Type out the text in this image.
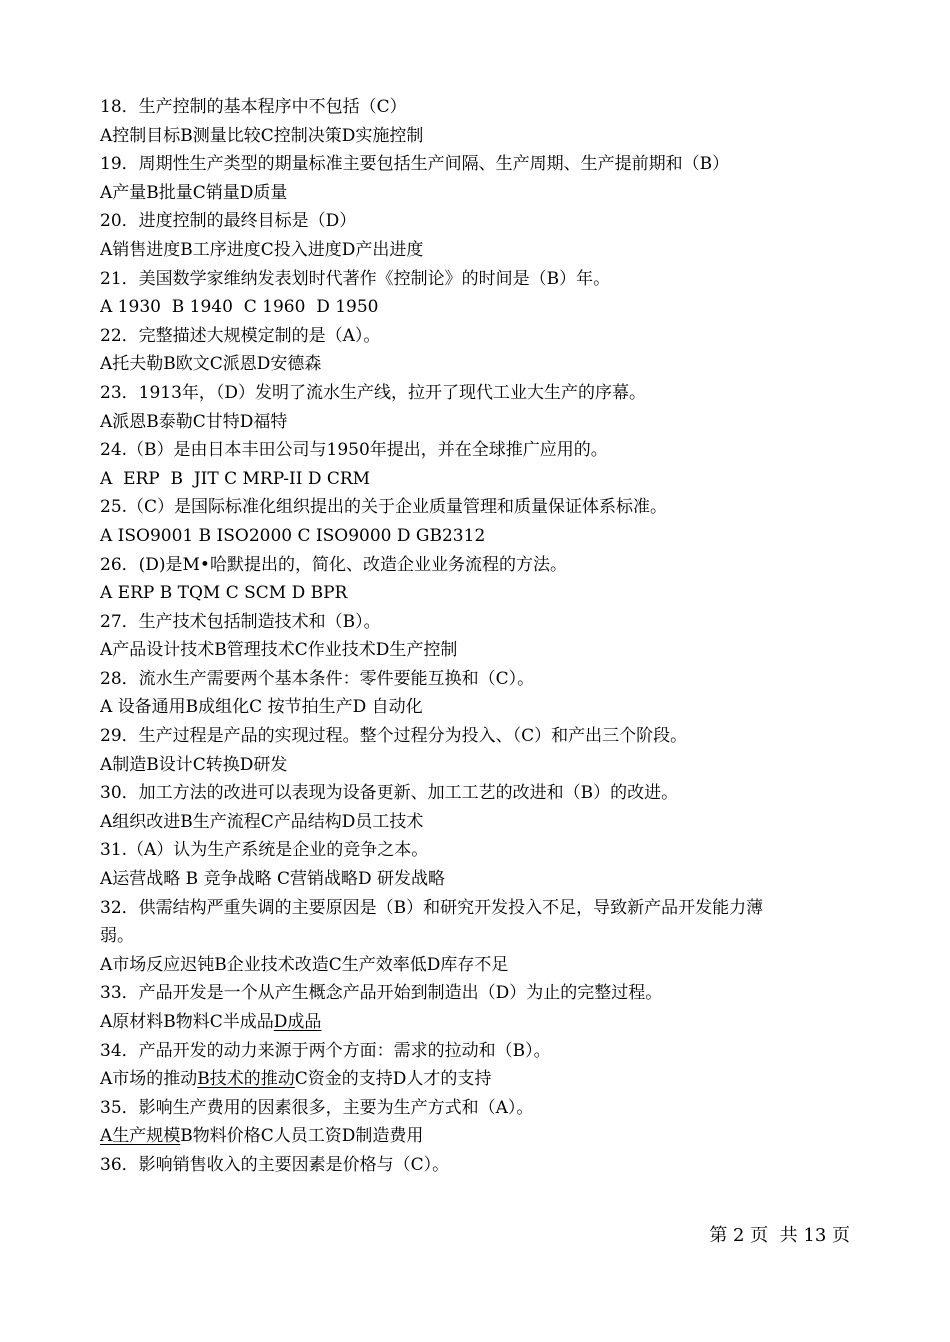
18．生产控制的基本程序中不包括（C）
A控制目标B测量比较C控制决策D实施控制
19．周期性生产类型的期量标准主要包括生产间隔、生产周期、生产提前期和（B）
A产量B批量C销量D质量
20．进度控制的最终目标是（D）
A销售进度B工序进度C投入进度D产出进度
21．美国数学家维纳发表划时代著作《控制论》的时间是（B）年。
A 1930  B 1940  C 1960  D 1950
22．完整描述大规模定制的是（A）。
A托夫勒B欧文C派恩D安德森
23．1913年，（D）发明了流水生产线，拉开了现代工业大生产的序幕。
A派恩B泰勒C甘特D福特
24.（B）是由日本丰田公司与1950年提出，并在全球推广应用的。
A  ERP  B  JIT C MRP-II D CRM
25.（C）是国际标准化组织提出的关于企业质量管理和质量保证体系标准。
A ISO9001 B ISO2000 C ISO9000 D GB2312
26．(D)是M•哈默提出的，简化、改造企业业务流程的方法。
A ERP B TQM C SCM D BPR
27．生产技术包括制造技术和（B）。
A产品设计技术B管理技术C作业技术D生产控制
28．流水生产需要两个基本条件：零件要能互换和（C）。
A 设备通用B成组化C 按节拍生产D 自动化
29．生产过程是产品的实现过程。整个过程分为投入、（C）和产出三个阶段。
A制造B设计C转换D研发
30．加工方法的改进可以表现为设备更新、加工工艺的改进和（B）的改进。
A组织改进B生产流程C产品结构D员工技术
31.（A）认为生产系统是企业的竞争之本。
A运营战略 B 竞争战略 C营销战略D 研发战略
32．供需结构严重失调的主要原因是（B）和研究开发投入不足，导致新产品开发能力薄
弱。
A市场反应迟钝B企业技术改造C生产效率低D库存不足
33．产品开发是一个从产生概念产品开始到制造出（D）为止的完整过程。
A原材料B物料C半成品D成品
34．产品开发的动力来源于两个方面：需求的拉动和（B）。
A市场的推动B技术的推动C资金的支持D人才的支持
35．影响生产费用的因素很多，主要为生产方式和（A）。
A生产规模B物料价格C人员工资D制造费用
36．影响销售收入的主要因素是价格与（C）。
第 2 页  共 13 页
